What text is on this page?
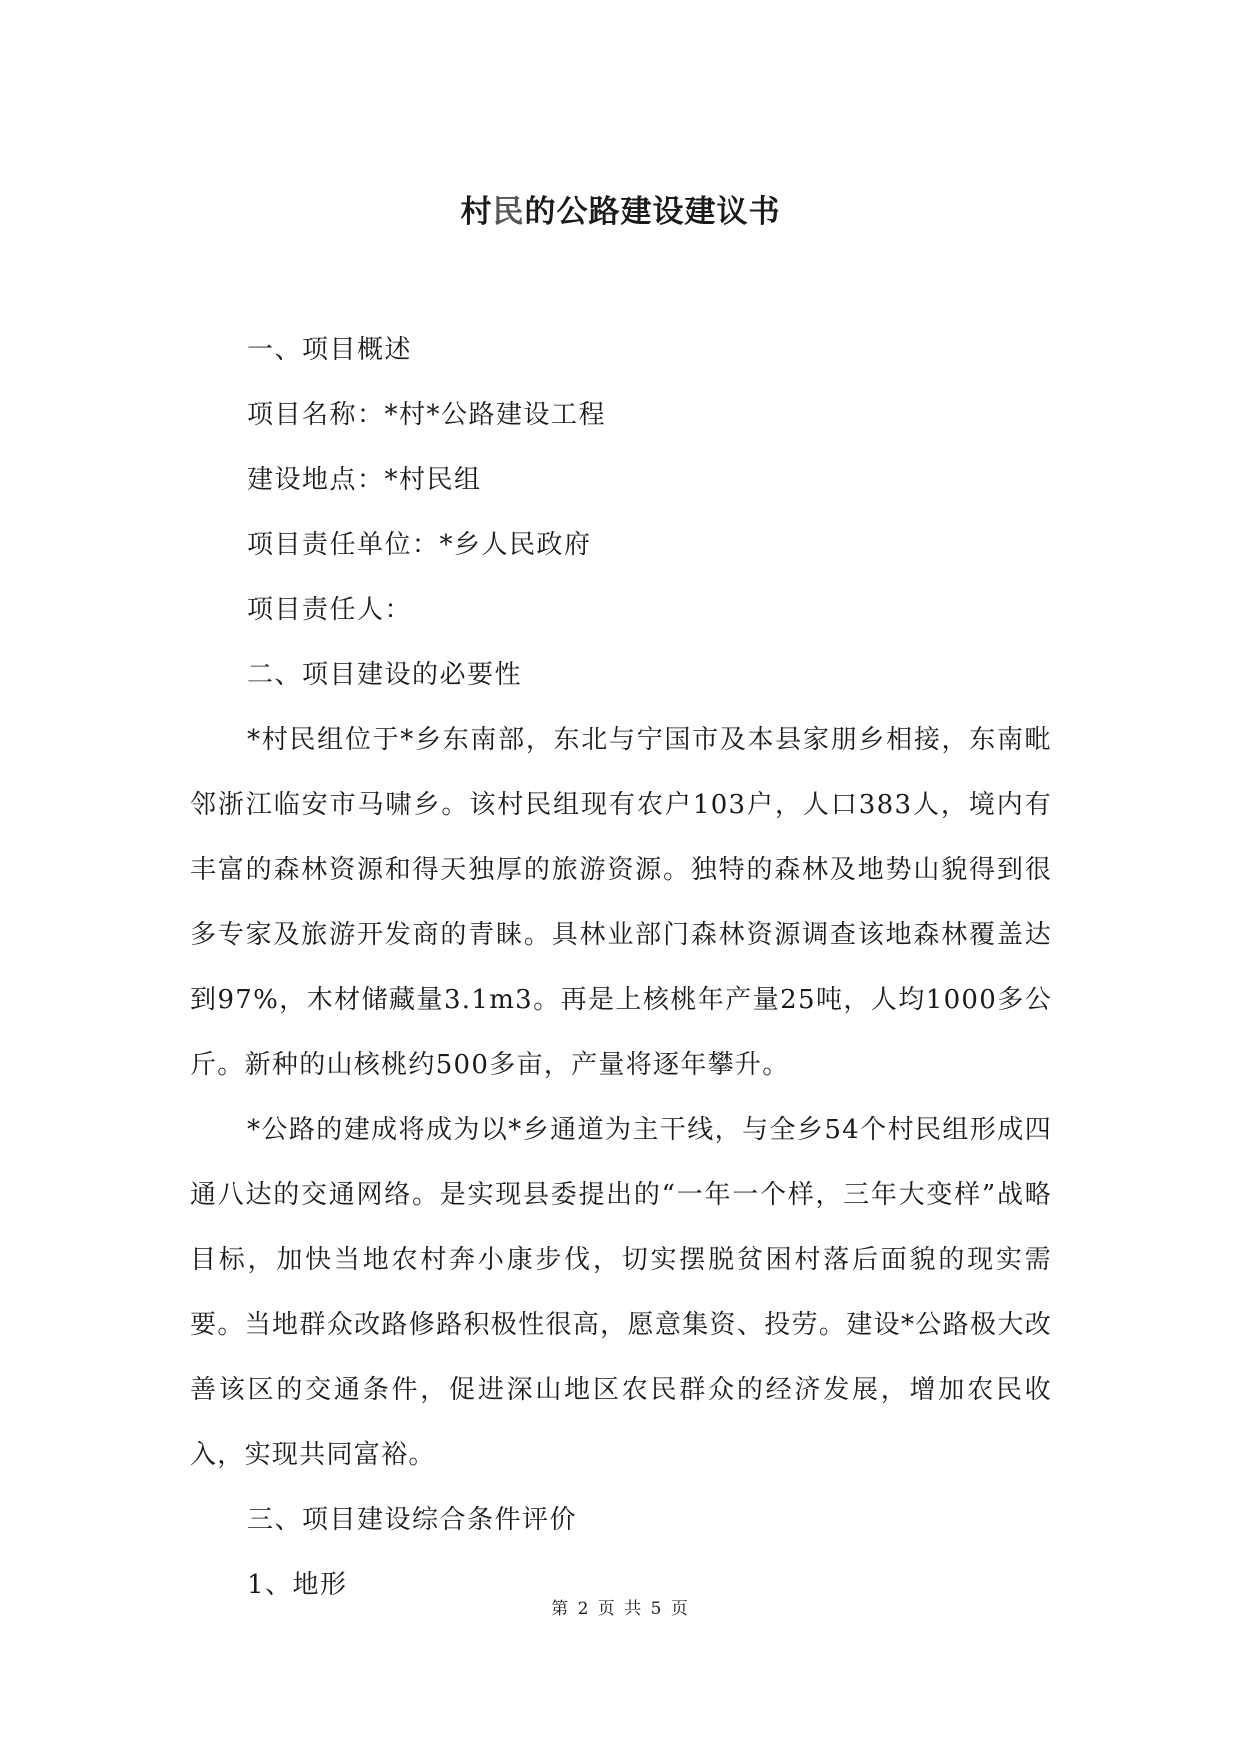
村民的公路建设建议书

一、项目概述

项目名称：*村*公路建设工程

建设地点：*村民组

项目责任单位：*乡人民政府

项目责任人：

二、项目建设的必要性

*村民组位于*乡东南部，东北与宁国市及本县家朋乡相接，东南毗邻浙江临安市马啸乡。该村民组现有农户103户，人口383人，境内有丰富的森林资源和得天独厚的旅游资源。独特的森林及地势山貌得到很多专家及旅游开发商的青睐。具林业部门森林资源调查该地森林覆盖达到97%，木材储藏量3.1m3。再是上核桃年产量25吨，人均1000多公斤。新种的山核桃约500多亩，产量将逐年攀升。

*公路的建成将成为以*乡通道为主干线，与全乡54个村民组形成四通八达的交通网络。是实现县委提出的“一年一个样，三年大变样”战略目标，加快当地农村奔小康步伐，切实摆脱贫困村落后面貌的现实需要。当地群众改路修路积极性很高，愿意集资、投劳。建设*公路极大改善该区的交通条件，促进深山地区农民群众的经济发展，增加农民收入，实现共同富裕。

三、项目建设综合条件评价

1、地形

第 2 页 共 5 页
